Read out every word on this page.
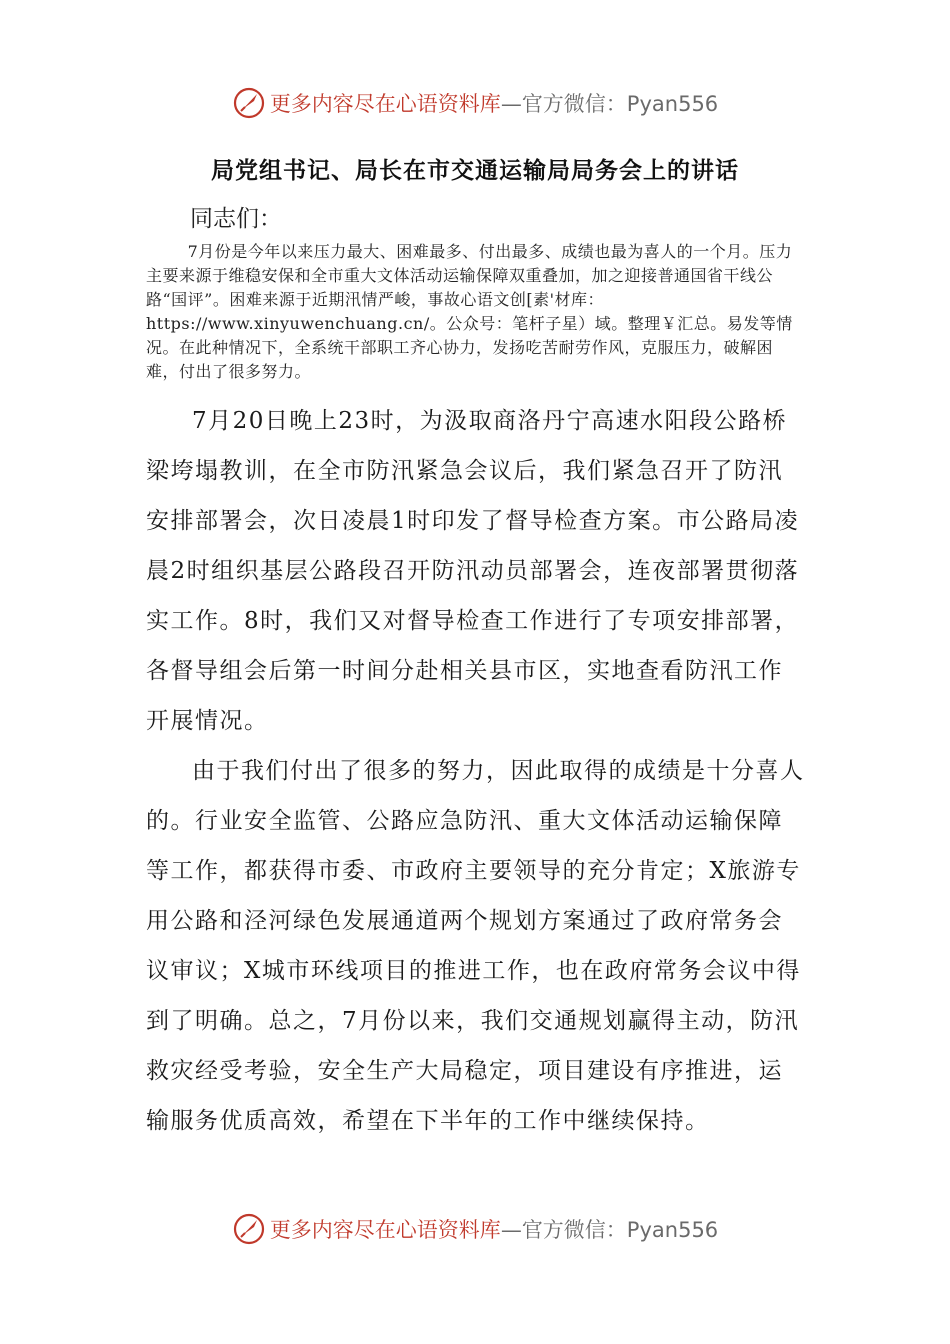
更多内容尽在心语资料库—官方微信：Pyan556
局党组书记、局长在市交通运输局局务会上的讲话
同志们：
7月份是今年以来压力最大、困难最多、付出最多、成绩也最为喜人的一个月。压力主要来源于维稳安保和全市重大文体活动运输保障双重叠加，加之迎接普通国省干线公路“国评”。困难来源于近期汛情严峻，事故心语文创[素'材库：https://www.xinyuwenchuang.cn/。公众号：笔杆子星）域。整理￥汇总。易发等情况。在此种情况下，全系统干部职工齐心协力，发扬吃苦耐劳作风，克服压力，破解困难，付出了很多努力。
7月20日晚上23时，为汲取商洛丹宁高速水阳段公路桥梁垮塌教训，在全市防汛紧急会议后，我们紧急召开了防汛安排部署会，次日凌晨1时印发了督导检查方案。市公路局凌晨2时组织基层公路段召开防汛动员部署会，连夜部署贯彻落实工作。8时，我们又对督导检查工作进行了专项安排部署，各督导组会后第一时间分赴相关县市区，实地查看防汛工作开展情况。
由于我们付出了很多的努力，因此取得的成绩是十分喜人的。行业安全监管、公路应急防汛、重大文体活动运输保障等工作，都获得市委、市政府主要领导的充分肯定；X旅游专用公路和泾河绿色发展通道两个规划方案通过了政府常务会议审议；X城市环线项目的推进工作，也在政府常务会议中得到了明确。总之，7月份以来，我们交通规划赢得主动，防汛救灾经受考验，安全生产大局稳定，项目建设有序推进，运输服务优质高效，希望在下半年的工作中继续保持。
更多内容尽在心语资料库—官方微信：Pyan556
